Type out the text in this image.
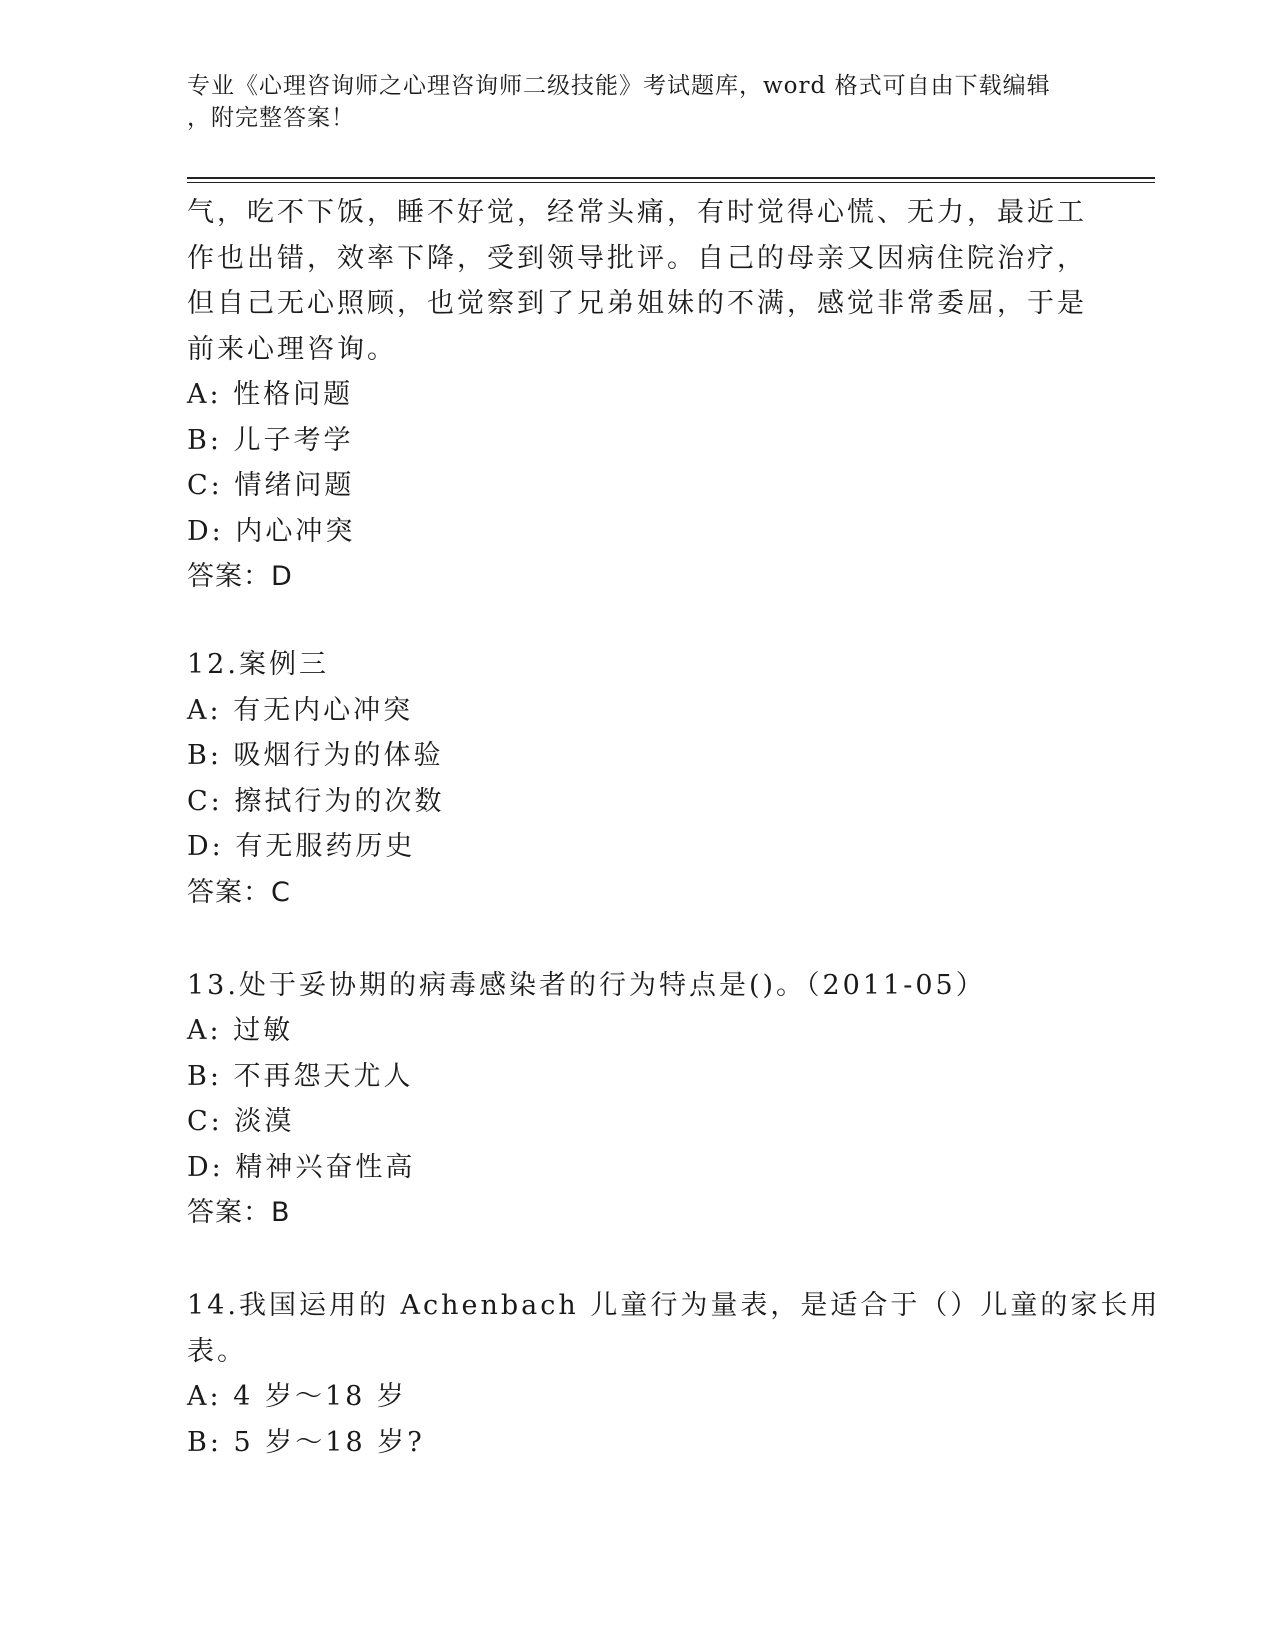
专业《心理咨询师之心理咨询师二级技能》考试题库，word 格式可自由下载编辑
，附完整答案！
气，吃不下饭，睡不好觉，经常头痛，有时觉得心慌、无力，最近工
作也出错，效率下降，受到领导批评。自己的母亲又因病住院治疗，
但自己无心照顾，也觉察到了兄弟姐妹的不满，感觉非常委屈，于是
前来心理咨询。
A: 性格问题
B: 儿子考学
C: 情绪问题
D: 内心冲突
答案：D
12.案例三
A: 有无内心冲突
B: 吸烟行为的体验
C: 擦拭行为的次数
D: 有无服药历史
答案：C
13.处于妥协期的病毒感染者的行为特点是()。（2011-05）
A: 过敏
B: 不再怨天尤人
C: 淡漠
D: 精神兴奋性高
答案：B
14.我国运用的 Achenbach 儿童行为量表，是适合于（）儿童的家长用
表。
A: 4 岁～18 岁
B: 5 岁～18 岁?
